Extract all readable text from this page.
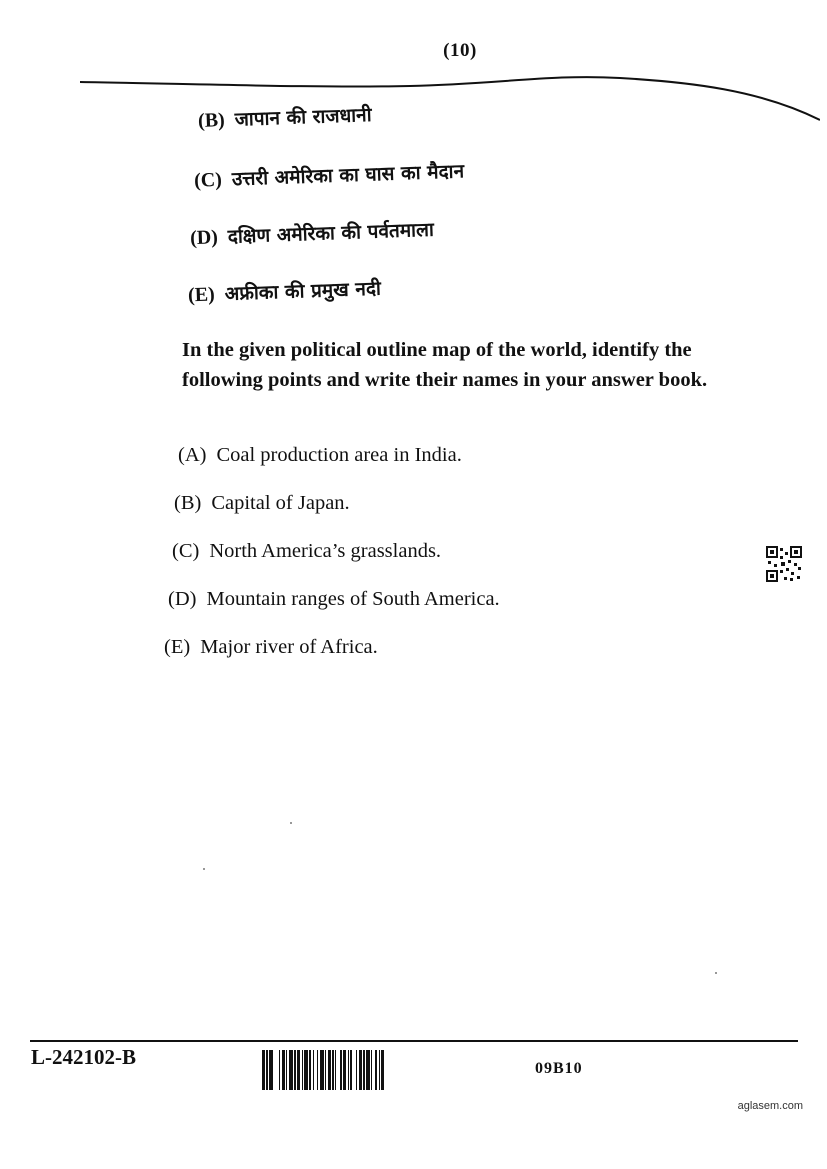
(10)
(B) जापान की राजधानी
(C) उत्तरी अमेरिका का घास का मैदान
(D) दक्षिण अमेरिका की पर्वतमाला
(E) अफ्रीका की प्रमुख नदी
In the given political outline map of the world, identify the following points and write their names in your answer book.
(A) Coal production area in India.
(B) Capital of Japan.
(C) North America’s grasslands.
(D) Mountain ranges of South America.
(E) Major river of Africa.
L-242102-B	09B10
aglasem.com
